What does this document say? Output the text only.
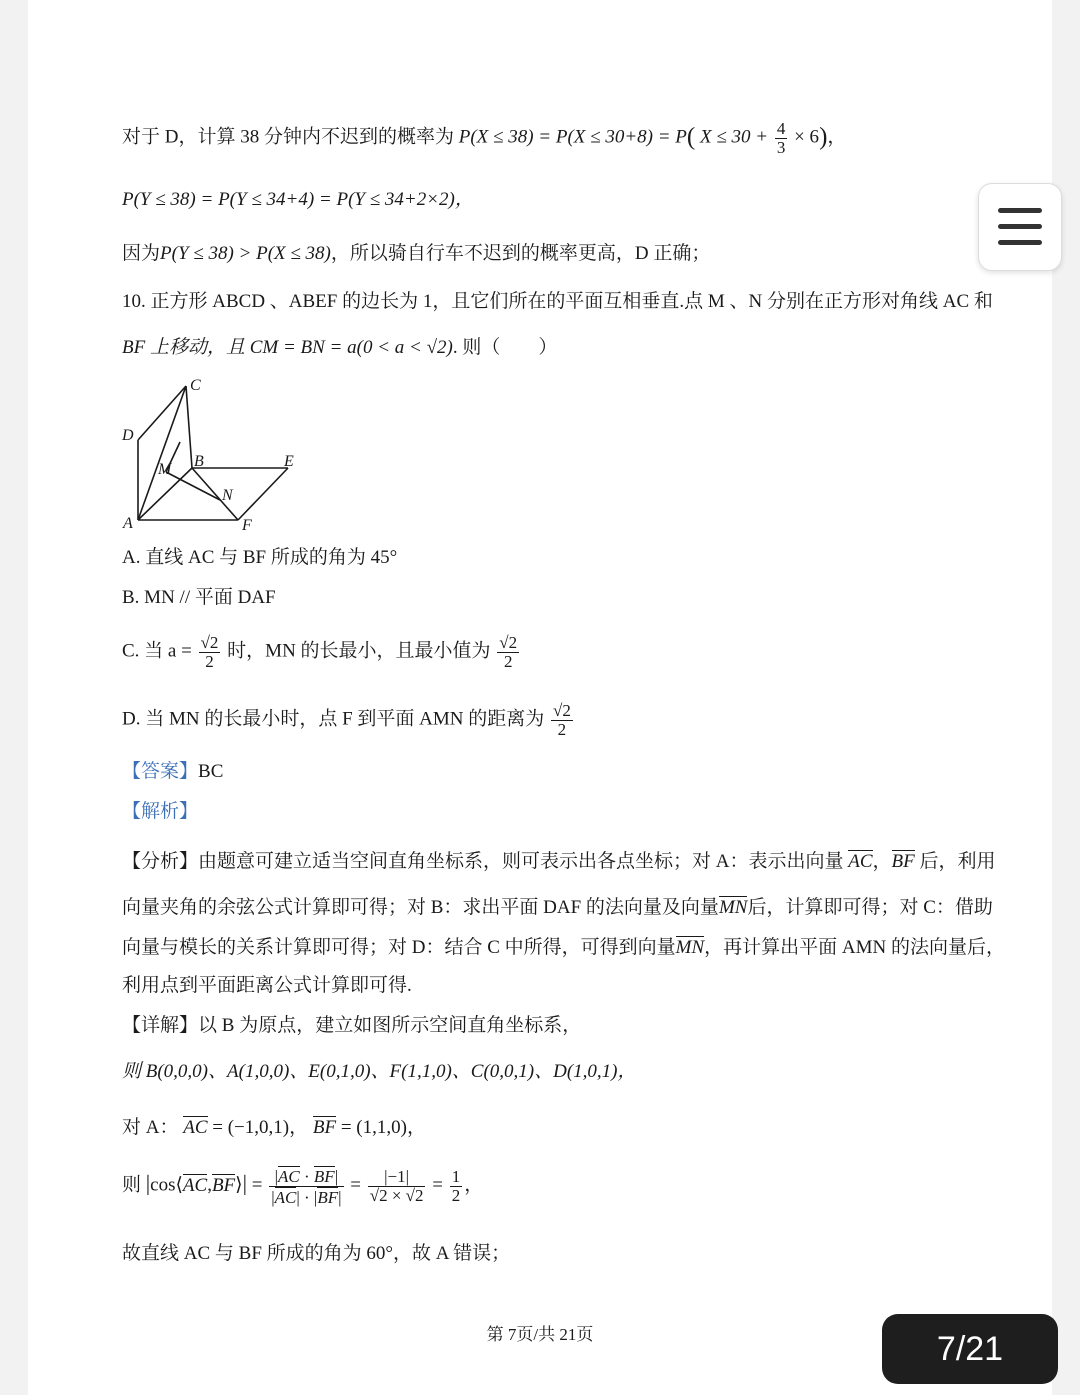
对于 D，计算 38 分钟内不迟到的概率为 P(X ≤ 38) = P(X ≤ 30+8) = P( $X \le 30 + \frac{4}{3} \times 6$)，
P(Y ≤ 38) = P(Y ≤ 34+4) = P(Y ≤ 34+2×2)，
因为P(Y ≤ 38) > P(X ≤ 38)，所以骑自行车不迟到的概率更高，D 正确；
10. 正方形 ABCD 、ABEF 的边长为 1，且它们所在的平面互相垂直.点 M 、N 分别在正方形对角线 AC 和
BF 上移动，且 CM = BN = a(0 < a < √2). 则（　　）
C
D
M B	E
N
A	F
A. 直线 AC 与 BF 所成的角为 45°
B. MN // 平面 DAF
C. 当 $a = \frac{√2}{2}$ 时，MN 的长最小，且最小值为 $\frac{√2}{2}$
D. 当 MN 的长最小时，点 F 到平面 AMN 的距离为 $\frac{√2}{2}$
【答案】BC
【解析】
【分析】由题意可建立适当空间直角坐标系，则可表示出各点坐标；对 A：表示出向量 AC，BF 后，利用
向量夹角的余弦公式计算即可得；对 B：求出平面 DAF 的法向量及向量MN后，计算即可得；对 C：借助
向量与模长的关系计算即可得；对 D：结合 C 中所得，可得到向量MN，再计算出平面 AMN 的法向量后，
利用点到平面距离公式计算即可得.
【详解】以 B 为原点，建立如图所示空间直角坐标系，
则 B(0,0,0)、A(1,0,0)、E(0,1,0)、F(1,1,0)、C(0,0,1)、D(1,0,1)，
对 A： AC = (−1,0,1)， BF = (1,1,0)，
则 |cos⟨AC,BF⟩| = $\frac{|AC \cdot BF|}{|AC| \cdot |BF|} = \frac{|-1|}{√2 \times √2} = \frac{1}{2}$ ，
故直线 AC 与 BF 所成的角为 60°，故 A 错误；
第 7页/共 21页	7/21
